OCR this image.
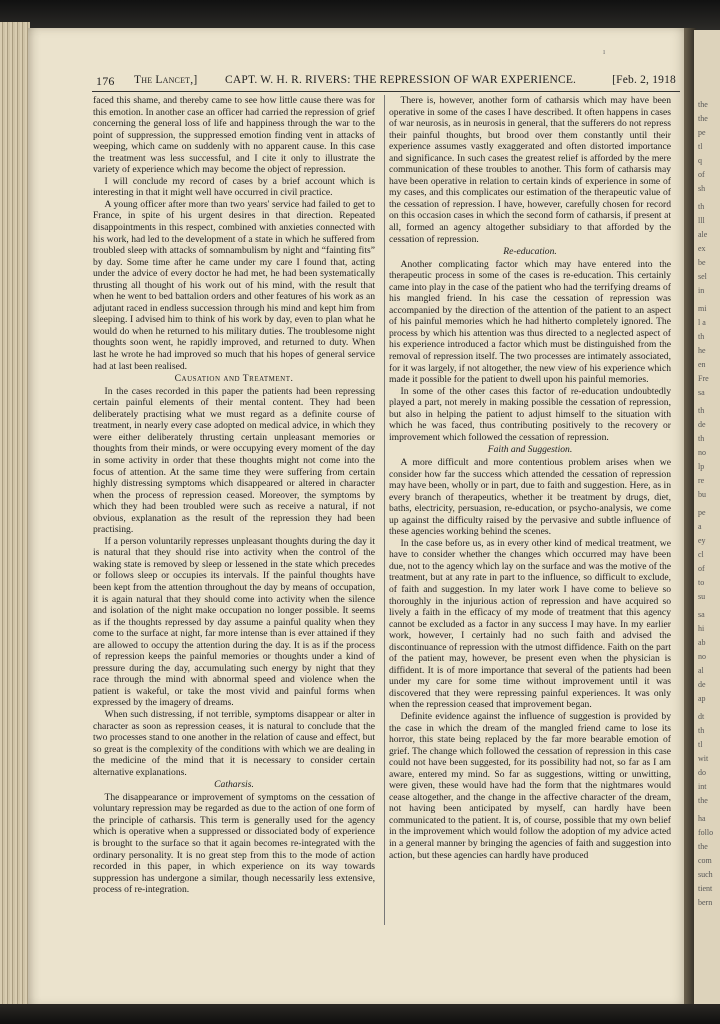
the
the
pe
tl
q
of
sh
th
lll
ale
ex
be
sel
in
mi
l a
th
he
en
Fre
sa
th
de
th
no
lp
re
bu
pe
a
ey
cl
of
to
su
sa
hi
ab
no
al
de
ap
dt
th
tl
wit
do
int
the
ha
follo
the
com
such
tient
bern
ı
176 The Lancet,] CAPT. W. H. R. RIVERS: THE REPRESSION OF WAR EXPERIENCE.	[Feb. 2, 1918

faced this shame, and thereby came to see how little cause there was for this emotion. In another case an officer had carried the repression of grief concerning the general loss of life and happiness through the war to the point of suppression, the suppressed emotion finding vent in attacks of weeping, which came on suddenly with no apparent cause. In this case the treatment was less successful, and I cite it only to illustrate the variety of experience which may become the object of repression.

I will conclude my record of cases by a brief account which is interesting in that it might well have occurred in civil practice.

A young officer after more than two years' service had failed to get to France, in spite of his urgent desires in that direction. Repeated disappointments in this respect, combined with anxieties connected with his work, had led to the development of a state in which he suffered from troubled sleep with attacks of somnambulism by night and “fainting fits” by day. Some time after he came under my care I found that, acting under the advice of every doctor he had met, he had been systematically thrusting all thought of his work out of his mind, with the result that when he went to bed battalion orders and other features of his work as an adjutant raced in endless succession through his mind and kept him from sleeping. I advised him to think of his work by day, even to plan what he would do when he returned to his military duties. The troublesome night thoughts soon went, he rapidly improved, and returned to duty. When last he wrote he had improved so much that his hopes of general service had at last been realised.

Causation and Treatment.

In the cases recorded in this paper the patients had been repressing certain painful elements of their mental content. They had been deliberately practising what we must regard as a definite course of treatment, in nearly every case adopted on medical advice, in which they were either deliberately thrusting certain unpleasant memories or thoughts from their minds, or were occupying every moment of the day in some activity in order that these thoughts might not come into the focus of attention. At the same time they were suffering from certain highly distressing symptoms which disappeared or altered in character when the process of repression ceased. Moreover, the symptoms by which they had been troubled were such as receive a natural, if not obvious, explanation as the result of the repression they had been practising.

If a person voluntarily represses unpleasant thoughts during the day it is natural that they should rise into activity when the control of the waking state is removed by sleep or lessened in the state which precedes or follows sleep or occupies its intervals. If the painful thoughts have been kept from the attention throughout the day by means of occupation, it is again natural that they should come into activity when the silence and isolation of the night make occupation no longer possible. It seems as if the thoughts repressed by day assume a painful quality when they come to the surface at night, far more intense than is ever attained if they are allowed to occupy the attention during the day. It is as if the process of repression keeps the painful memories or thoughts under a kind of pressure during the day, accumulating such energy by night that they race through the mind with abnormal speed and violence when the patient is wakeful, or take the most vivid and painful forms when expressed by the imagery of dreams.

When such distressing, if not terrible, symptoms disappear or alter in character as soon as repression ceases, it is natural to conclude that the two processes stand to one another in the relation of cause and effect, but so great is the complexity of the conditions with which we are dealing in the medicine of the mind that it is necessary to consider certain alternative explanations.

Catharsis.

The disappearance or improvement of symptoms on the cessation of voluntary repression may be regarded as due to the action of one form of the principle of catharsis. This term is generally used for the agency which is operative when a suppressed or dissociated body of experience is brought to the surface so that it again becomes re-integrated with the ordinary personality. It is no great step from this to the mode of action recorded in this paper, in which experience on its way towards suppression has undergone a similar, though necessarily less extensive, process of re-integration.

There is, however, another form of catharsis which may have been operative in some of the cases I have described. It often happens in cases of war neurosis, as in neurosis in general, that the sufferers do not repress their painful thoughts, but brood over them constantly until their experience assumes vastly exaggerated and often distorted importance and significance. In such cases the greatest relief is afforded by the mere communication of these troubles to another. This form of catharsis may have been operative in relation to certain kinds of experience in some of my cases, and this complicates our estimation of the therapeutic value of the cessation of repression. I have, however, carefully chosen for record on this occasion cases in which the second form of catharsis, if present at all, formed an agency altogether subsidiary to that afforded by the cessation of repression.

Re-education.

Another complicating factor which may have entered into the therapeutic process in some of the cases is re-education. This certainly came into play in the case of the patient who had the terrifying dreams of his mangled friend. In his case the cessation of repression was accompanied by the direction of the attention of the patient to an aspect of his painful memories which he had hitherto completely ignored. The process by which his attention was thus directed to a neglected aspect of his experience introduced a factor which must be distinguished from the removal of repression itself. The two processes are intimately associated, for it was largely, if not altogether, the new view of his experience which made it possible for the patient to dwell upon his painful memories.

In some of the other cases this factor of re-education undoubtedly played a part, not merely in making possible the cessation of repression, but also in helping the patient to adjust himself to the situation with which he was faced, thus contributing positively to the recovery or improvement which followed the cessation of repression.

Faith and Suggestion.

A more difficult and more contentious problem arises when we consider how far the success which attended the cessation of repression may have been, wholly or in part, due to faith and suggestion. Here, as in every branch of therapeutics, whether it be treatment by drugs, diet, baths, electricity, persuasion, re-education, or psycho-analysis, we come up against the difficulty raised by the pervasive and subtle influence of these agencies working behind the scenes.

In the case before us, as in every other kind of medical treatment, we have to consider whether the changes which occurred may have been due, not to the agency which lay on the surface and was the motive of the treatment, but at any rate in part to the influence, so difficult to exclude, of faith and suggestion. In my later work I have come to believe so thoroughly in the injurious action of repression and have acquired so lively a faith in the efficacy of my mode of treatment that this agency cannot be excluded as a factor in any success I may have. In my earlier work, however, I certainly had no such faith and advised the discontinuance of repression with the utmost diffidence. Faith on the part of the patient may, however, be present even when the physician is diffident. It is of more importance that several of the patients had been under my care for some time without improvement until it was discovered that they were repressing painful experiences. It was only when the repression ceased that improvement began.

Definite evidence against the influence of suggestion is provided by the case in which the dream of the mangled friend came to lose its horror, this state being replaced by the far more bearable emotion of grief. The change which followed the cessation of repression in this case could not have been suggested, for its possibility had not, so far as I am aware, entered my mind. So far as suggestions, witting or unwitting, were given, these would have had the form that the nightmares would cease altogether, and the change in the affective character of the dream, not having been anticipated by myself, can hardly have been communicated to the patient. It is, of course, possible that my own belief in the improvement which would follow the adoption of my advice acted in a general manner by bringing the agencies of faith and suggestion into action, but these agencies can hardly have produced
